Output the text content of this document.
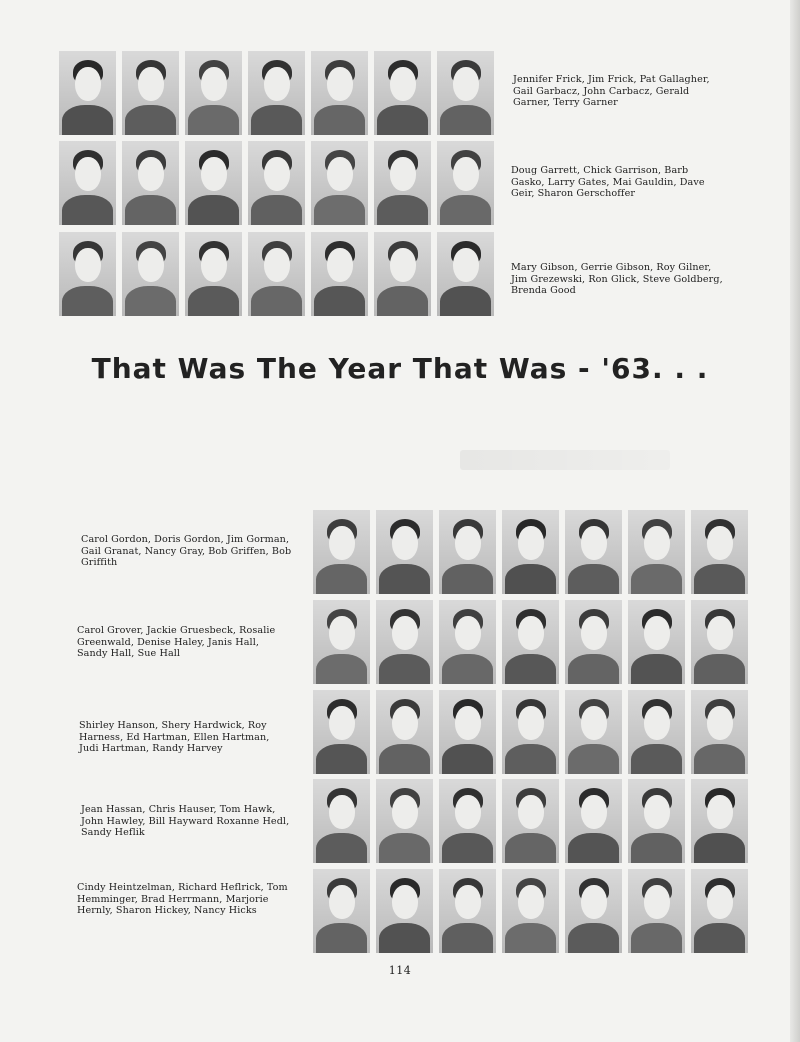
Jennifer Frick, Jim Frick, Pat Gallagher, Gail Garbacz, John Carbacz, Gerald Garner, Terry Garner
Doug Garrett, Chick Garrison, Barb Gasko, Larry Gates, Mai Gauldin, Dave Geir, Sharon Gerschoffer
Mary Gibson, Gerrie Gibson, Roy Gilner, Jim Grezewski, Ron Glick, Steve Goldberg, Brenda Good
That Was The Year That Was - '63. . .
Carol Gordon, Doris Gordon, Jim Gorman, Gail Granat, Nancy Gray, Bob Griffen, Bob Griffith
Carol Grover, Jackie Gruesbeck, Rosalie Greenwald, Denise Haley, Janis Hall, Sandy Hall, Sue Hall
Shirley Hanson, Shery Hardwick, Roy Harness, Ed Hartman, Ellen Hartman, Judi Hartman, Randy Harvey
Jean Hassan, Chris Hauser, Tom Hawk, John Hawley, Bill Hayward Roxanne Hedl, Sandy Heflik
Cindy Heintzelman, Richard Heflrick, Tom Hemminger, Brad Herrmann, Marjorie Hernly, Sharon Hickey, Nancy Hicks
114
